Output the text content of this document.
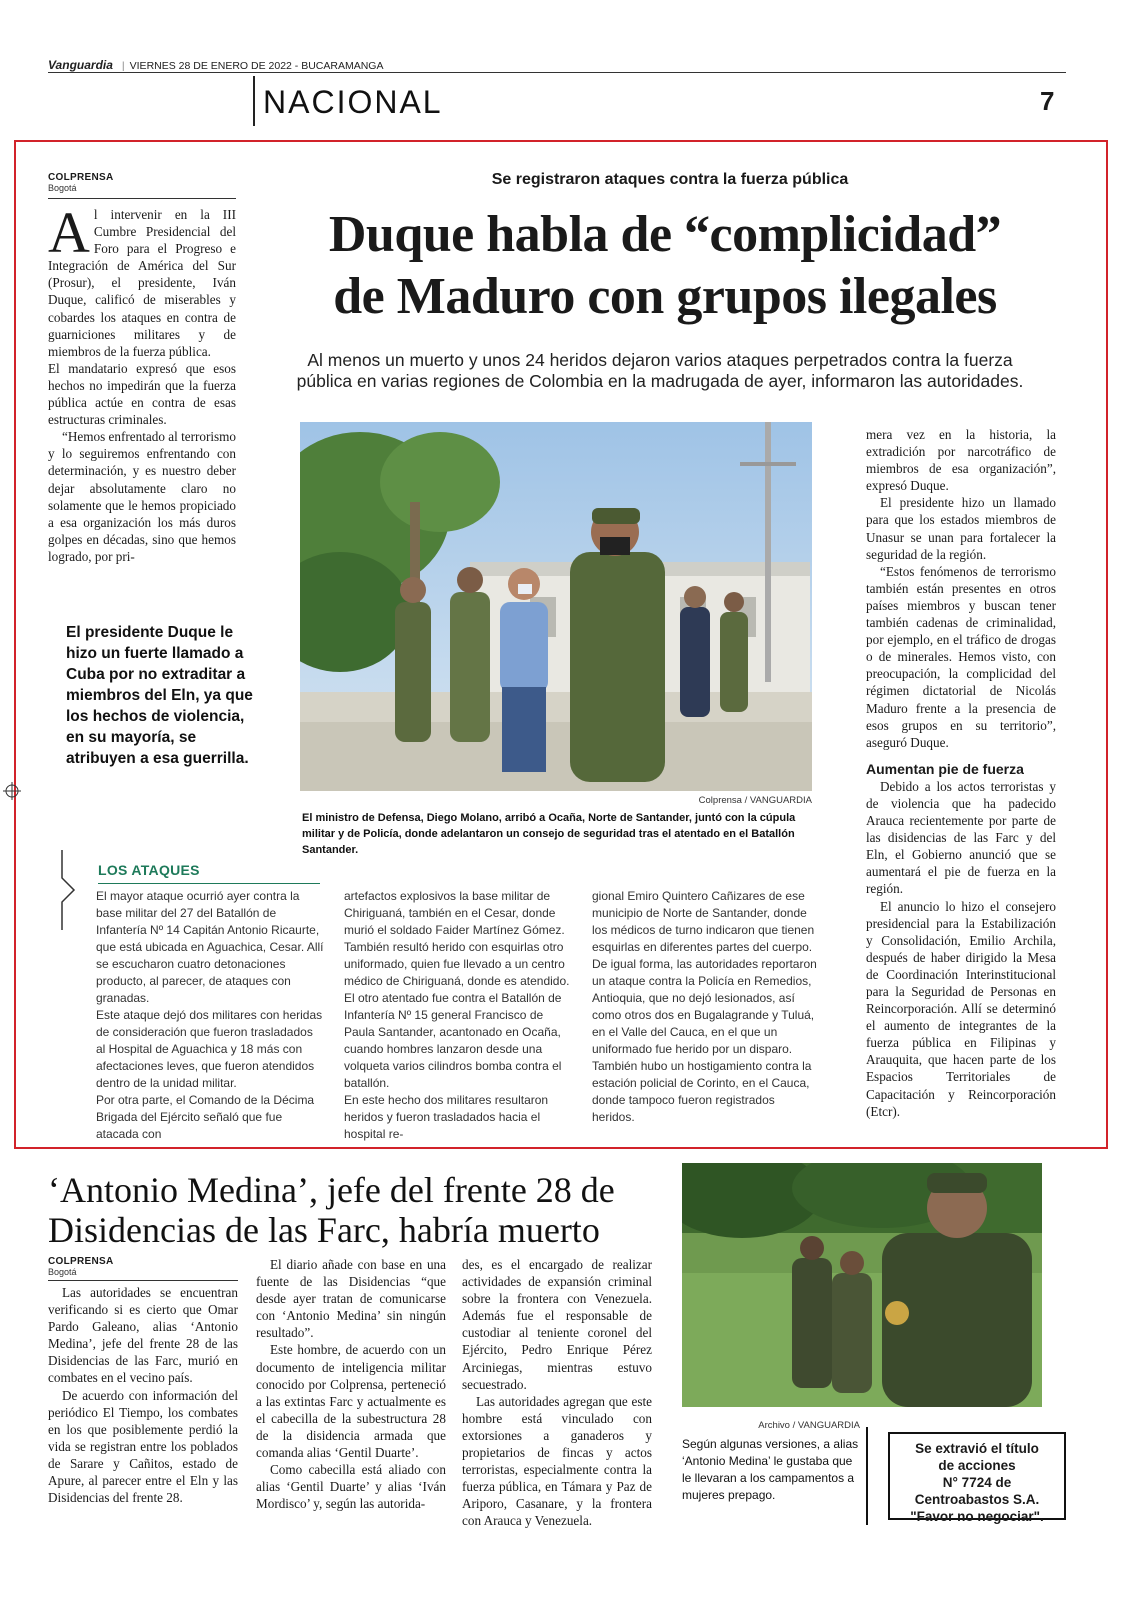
Vanguardia | VIERNES 28 DE ENERO DE 2022 - BUCARAMANGA
NACIONAL	7
COLPRENSA
Bogotá

Al intervenir en la III Cumbre Presidencial del Foro para el Progreso e Integración de América del Sur (Prosur), el presidente, Iván Duque, calificó de miserables y cobardes los ataques en contra de guarniciones militares y de miembros de la fuerza pública.

El mandatario expresó que esos hechos no impedirán que la fuerza pública actúe en contra de esas estructuras criminales.

“Hemos enfrentado al terrorismo y lo seguiremos enfrentando con determinación, y es nuestro deber dejar absolutamente claro no solamente que le hemos propiciado a esa organización los más duros golpes en décadas, sino que hemos logrado, por pri-

Se registraron ataques contra la fuerza pública
Duque habla de “complicidad”
de Maduro con grupos ilegales
Al menos un muerto y unos 24 heridos dejaron varios ataques perpetrados contra la fuerza pública en varias regiones de Colombia en la madrugada de ayer, informaron las autoridades.
Colprensa / VANGUARDIA
El ministro de Defensa, Diego Molano, arribó a Ocaña, Norte de Santander, juntó con la cúpula militar y de Policía, donde adelantaron un consejo de seguridad tras el atentado en el Batallón Santander.
El presidente Duque le hizo un fuerte llamado a Cuba por no extraditar a miembros del Eln, ya que los hechos de violencia, en su mayoría, se atribuyen a esa guerrilla.

mera vez en la historia, la extradición por narcotráfico de miembros de esa organización”, expresó Duque.

El presidente hizo un llamado para que los estados miembros de Unasur se unan para fortalecer la seguridad de la región.

“Estos fenómenos de terrorismo también están presentes en otros países miembros y buscan tener también cadenas de criminalidad, por ejemplo, en el tráfico de drogas o de minerales. Hemos visto, con preocupación, la complicidad del régimen dictatorial de Nicolás Maduro frente a la presencia de esos grupos en su territorio”, aseguró Duque.

Aumentan pie de fuerza

Debido a los actos terroristas y de violencia que ha padecido Arauca recientemente por parte de las disidencias de las Farc y del Eln, el Gobierno anunció que se aumentará el pie de fuerza en la región.

El anuncio lo hizo el consejero presidencial para la Estabilización y Consolidación, Emilio Archila, después de haber dirigido la Mesa de Coordinación Interinstitucional para la Seguridad de Personas en Reincorporación. Allí se determinó el aumento de integrantes de la fuerza pública en Filipinas y Arauquita, que hacen parte de los Espacios Territoriales de Capacitación y Reincorporación (Etcr).

LOS ATAQUES

El mayor ataque ocurrió ayer contra la base militar del 27 del Batallón de Infantería Nº 14 Capitán Antonio Ricaurte, que está ubicada en Aguachica, Cesar. Allí se escucharon cuatro detonaciones producto, al parecer, de ataques con granadas.

Este ataque dejó dos militares con heridas de consideración que fueron trasladados al Hospital de Aguachica y 18 más con afectaciones leves, que fueron atendidos dentro de la unidad militar.

Por otra parte, el Comando de la Décima Brigada del Ejército señaló que fue atacada con

artefactos explosivos la base militar de Chiriguaná, también en el Cesar, donde murió el soldado Faider Martínez Gómez.

También resultó herido con esquirlas otro uniformado, quien fue llevado a un centro médico de Chiriguaná, donde es atendido.

El otro atentado fue contra el Batallón de Infantería Nº 15 general Francisco de Paula Santander, acantonado en Ocaña, cuando hombres lanzaron desde una volqueta varios cilindros bomba contra el batallón.

En este hecho dos militares resultaron heridos y fueron trasladados hacia el hospital re-

gional Emiro Quintero Cañizares de ese municipio de Norte de Santander, donde los médicos de turno indicaron que tienen esquirlas en diferentes partes del cuerpo.

De igual forma, las autoridades reportaron un ataque contra la Policía en Remedios, Antioquia, que no dejó lesionados, así como otros dos en Bugalagrande y Tuluá, en el Valle del Cauca, en el que un uniformado fue herido por un disparo.

También hubo un hostigamiento contra la estación policial de Corinto, en el Cauca, donde tampoco fueron registrados heridos.

‘Antonio Medina’, jefe del frente 28 de
Disidencias de las Farc, habría muerto
COLPRENSA
Bogotá

Las autoridades se encuentran verificando si es cierto que Omar Pardo Galeano, alias ‘Antonio Medina’, jefe del frente 28 de las Disidencias de las Farc, murió en combates en el vecino país.

De acuerdo con información del periódico El Tiempo, los combates en los que posiblemente perdió la vida se registran entre los poblados de Sarare y Cañitos, estado de Apure, al parecer entre el Eln y las Disidencias del frente 28.

El diario añade con base en una fuente de las Disidencias “que desde ayer tratan de comunicarse con ‘Antonio Medina’ sin ningún resultado”.

Este hombre, de acuerdo con un documento de inteligencia militar conocido por Colprensa, perteneció a las extintas Farc y actualmente es el cabecilla de la subestructura 28 de la disidencia armada que comanda alias ‘Gentil Duarte’.

Como cabecilla está aliado con alias ‘Gentil Duarte’ y alias ‘Iván Mordisco’ y, según las autorida-

des, es el encargado de realizar actividades de expansión criminal sobre la frontera con Venezuela. Además fue el responsable de custodiar al teniente coronel del Ejército, Pedro Enrique Pérez Arciniegas, mientras estuvo secuestrado.

Las autoridades agregan que este hombre está vinculado con extorsiones a ganaderos y propietarios de fincas y actos terroristas, especialmente contra la fuerza pública, en Támara y Paz de Ariporo, Casanare, y la frontera con Arauca y Venezuela.

Archivo / VANGUARDIA
Según algunas versiones, a alias ‘Antonio Medina’ le gustaba que le llevaran a los campamentos a mujeres prepago.
Se extravió el título
de acciones
N° 7724 de
Centroabastos S.A.
"Favor no negociar".
